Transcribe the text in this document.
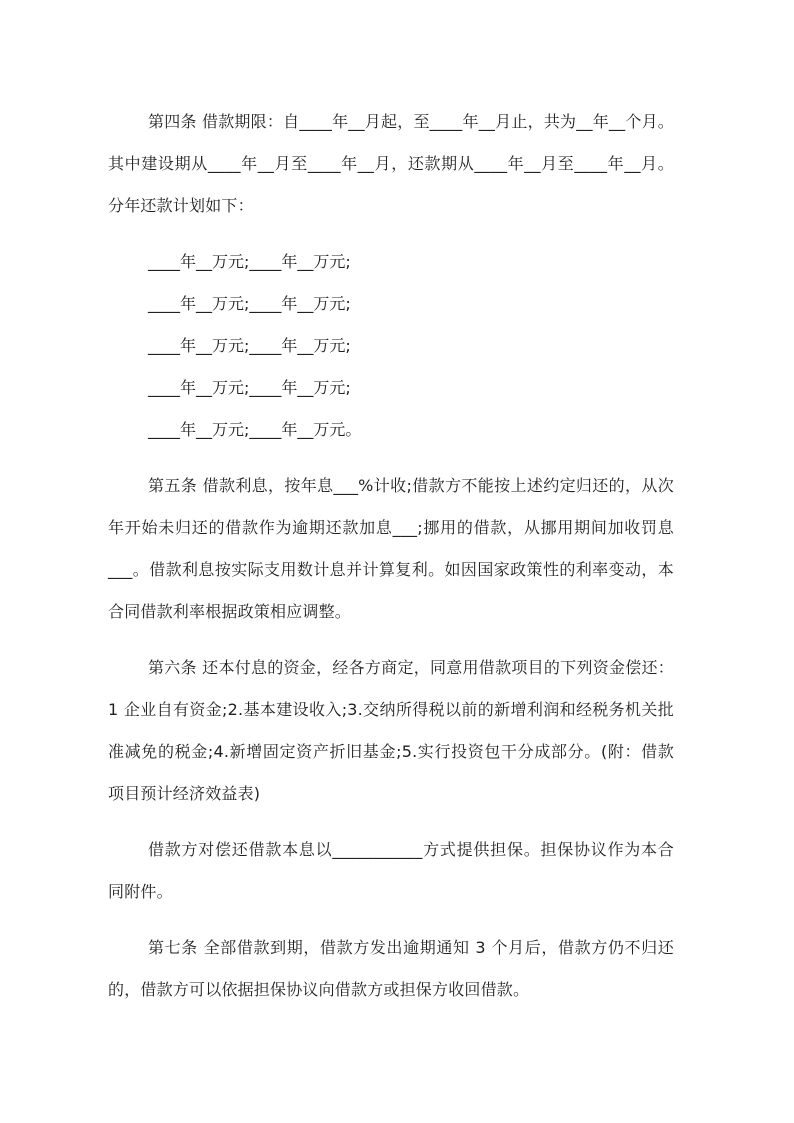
第四条 借款期限：自____年__月起，至____年__月止，共为__年__个月。其中建设期从____年__月至____年__月，还款期从____年__月至____年__月。分年还款计划如下：

____年__万元;____年__万元;
____年__万元;____年__万元;
____年__万元;____年__万元;
____年__万元;____年__万元;
____年__万元;____年__万元。

第五条 借款利息，按年息___%计收;借款方不能按上述约定归还的，从次年开始未归还的借款作为逾期还款加息___;挪用的借款，从挪用期间加收罚息___。借款利息按实际支用数计息并计算复利。如因国家政策性的利率变动，本合同借款利率根据政策相应调整。

第六条 还本付息的资金，经各方商定，同意用借款项目的下列资金偿还：1 企业自有资金;2.基本建设收入;3.交纳所得税以前的新增利润和经税务机关批准减免的税金;4.新增固定资产折旧基金;5.实行投资包干分成部分。(附：借款项目预计经济效益表)

借款方对偿还借款本息以___________方式提供担保。担保协议作为本合同附件。

第七条 全部借款到期，借款方发出逾期通知 3 个月后，借款方仍不归还的，借款方可以依据担保协议向借款方或担保方收回借款。
